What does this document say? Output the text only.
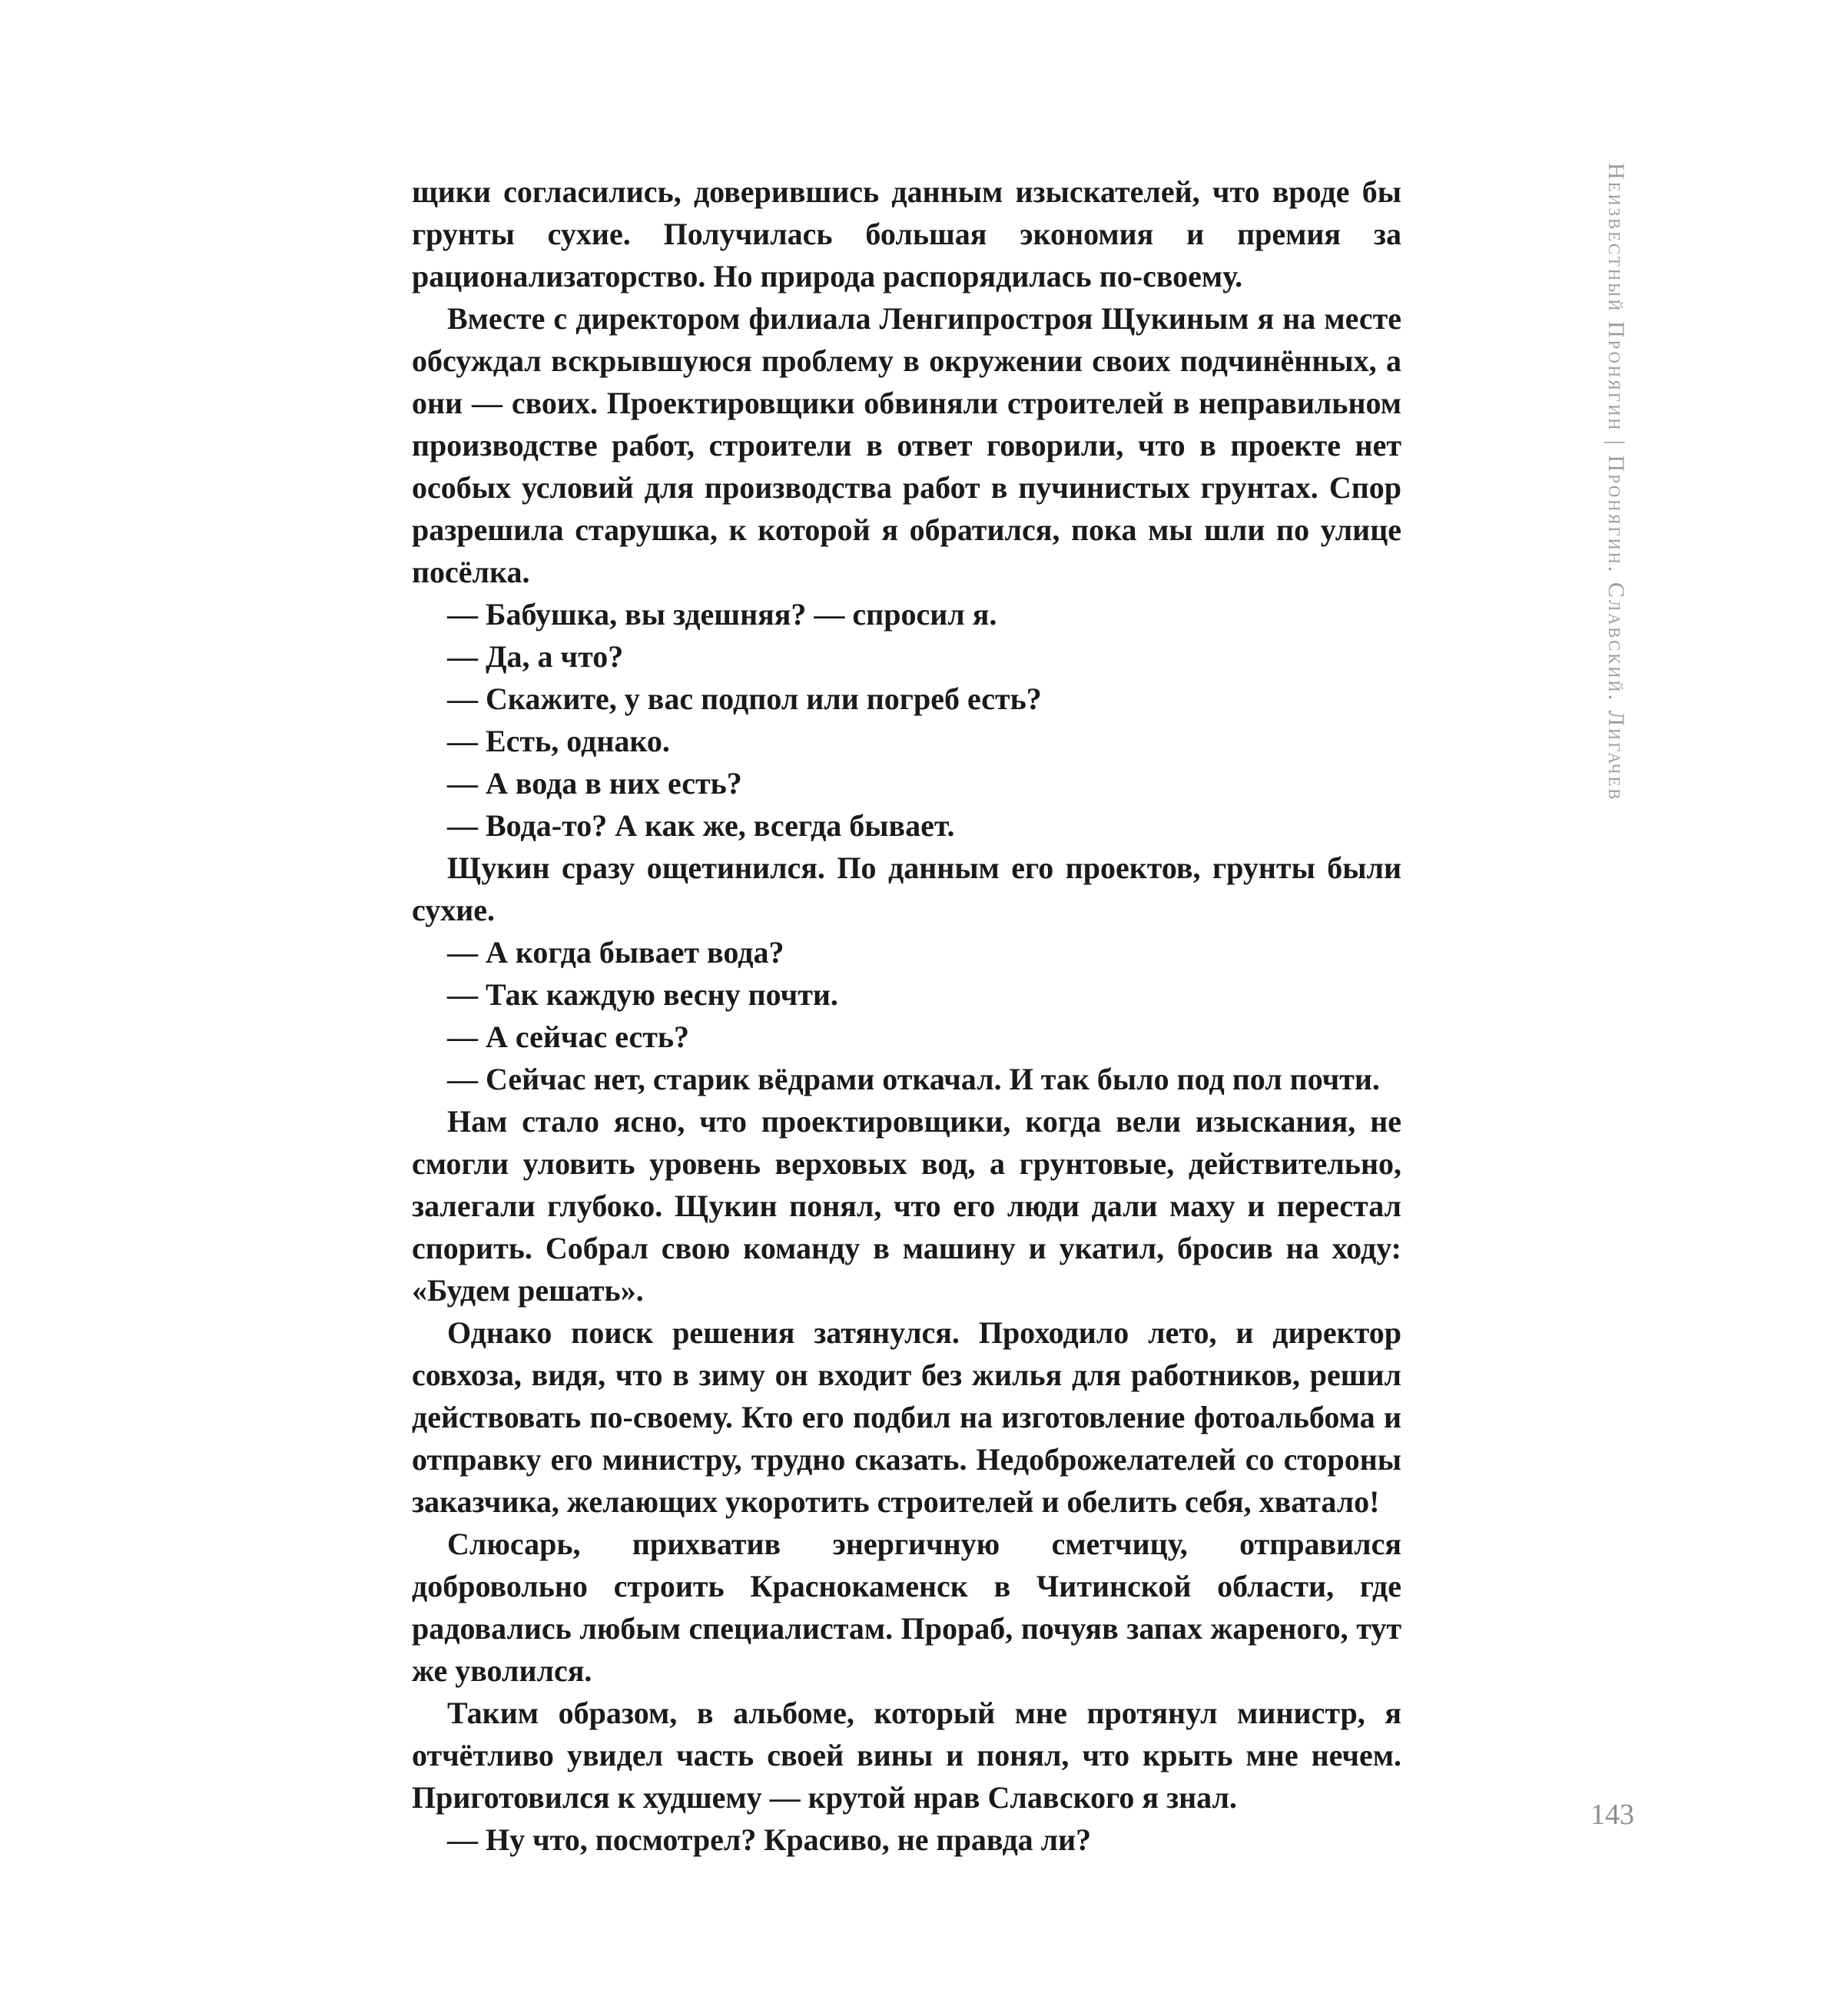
щики согласились, доверившись данным изыскателей, что вроде бы грунты сухие. Получилась большая экономия и премия за рационализаторство. Но природа распорядилась по-своему.

Вместе с директором филиала Ленгипростроя Щукиным я на месте обсуждал вскрывшуюся проблему в окружении своих подчинённых, а они — своих. Проектировщики обвиняли строителей в неправильном производстве работ, строители в ответ говорили, что в проекте нет особых условий для производства работ в пучинистых грунтах. Спор разрешила старушка, к которой я обратился, пока мы шли по улице посёлка.

— Бабушка, вы здешняя? — спросил я.

— Да, а что?

— Скажите, у вас подпол или погреб есть?

— Есть, однако.

— А вода в них есть?

— Вода-то? А как же, всегда бывает.

Щукин сразу ощетинился. По данным его проектов, грунты были сухие.

— А когда бывает вода?

— Так каждую весну почти.

— А сейчас есть?

— Сейчас нет, старик вёдрами откачал. И так было под пол почти.

Нам стало ясно, что проектировщики, когда вели изыскания, не смогли уловить уровень верховых вод, а грунтовые, действительно, залегали глубоко. Щукин понял, что его люди дали маху и перестал спорить. Собрал свою команду в машину и укатил, бросив на ходу: «Будем решать».

Однако поиск решения затянулся. Проходило лето, и директор совхоза, видя, что в зиму он входит без жилья для работников, решил действовать по-своему. Кто его подбил на изготовление фотоальбома и отправку его министру, трудно сказать. Недоброжелателей со стороны заказчика, желающих укоротить строителей и обелить себя, хватало!

Слюсарь, прихватив энергичную сметчицу, отправился добровольно строить Краснокаменск в Читинской области, где радовались любым специалистам. Прораб, почуяв запах жареного, тут же уволился.

Таким образом, в альбоме, который мне протянул министр, я отчётливо увидел часть своей вины и понял, что крыть мне нечем. Приготовился к худшему — крутой нрав Славского я знал.

— Ну что, посмотрел? Красиво, не правда ли?

Неизвестный Пронягин | Пронягин. Славский. Лигачев
143
